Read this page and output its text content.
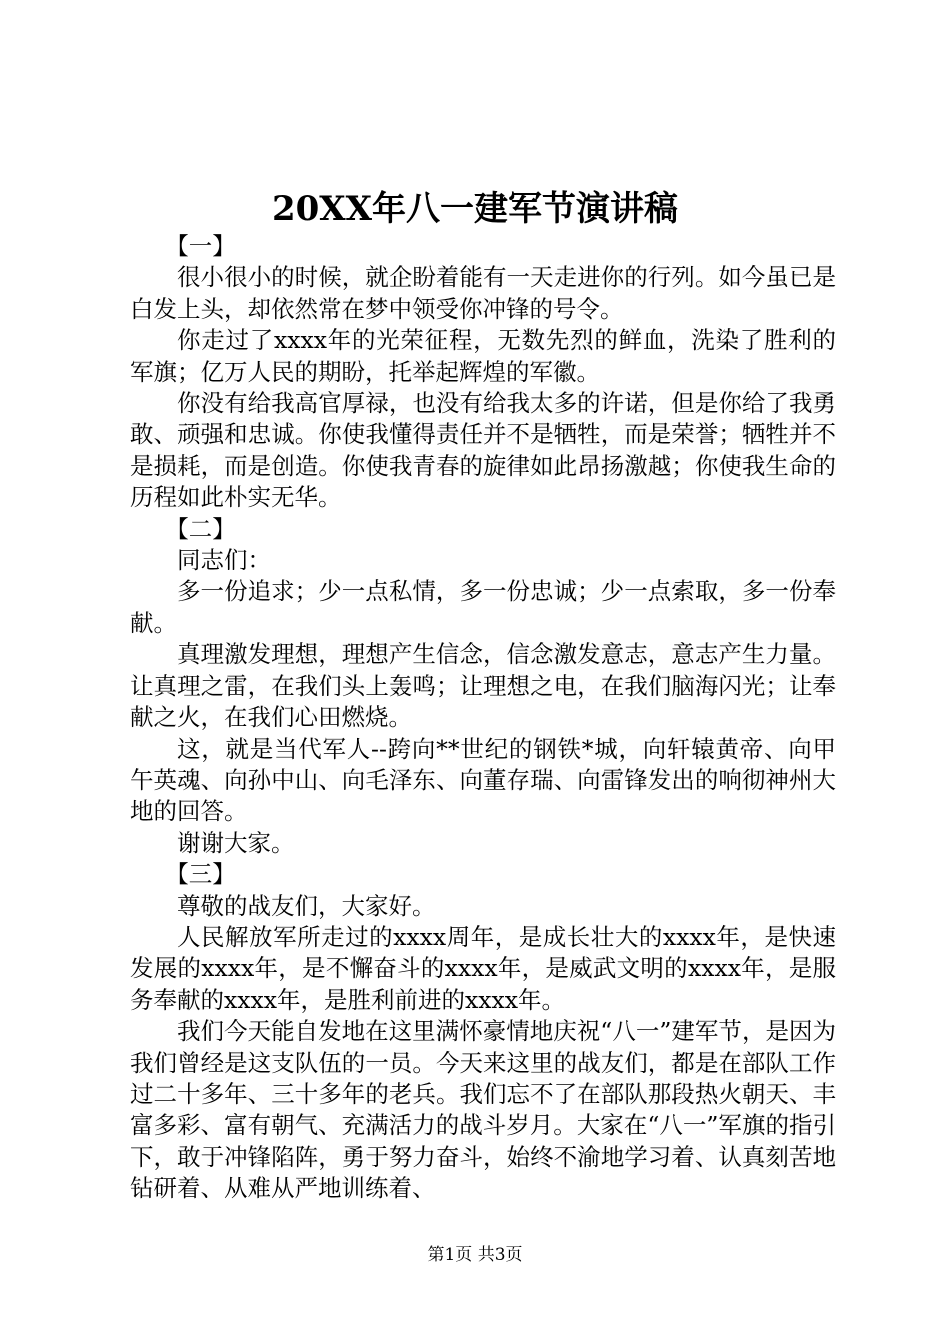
20XX年八一建军节演讲稿

【一】

很小很小的时候，就企盼着能有一天走进你的行列。如今虽已是白发上头，却依然常在梦中领受你冲锋的号令。

你走过了xxxx年的光荣征程，无数先烈的鲜血，洗染了胜利的军旗；亿万人民的期盼，托举起辉煌的军徽。

你没有给我高官厚禄，也没有给我太多的许诺，但是你给了我勇敢、顽强和忠诚。你使我懂得责任并不是牺牲，而是荣誉；牺牲并不是损耗，而是创造。你使我青春的旋律如此昂扬激越；你使我生命的历程如此朴实无华。

【二】

同志们：

多一份追求；少一点私情，多一份忠诚；少一点索取，多一份奉献。

真理激发理想，理想产生信念，信念激发意志，意志产生力量。让真理之雷，在我们头上轰鸣；让理想之电，在我们脑海闪光；让奉献之火，在我们心田燃烧。

这，就是当代军人--跨向**世纪的钢铁*城，向轩辕黄帝、向甲午英魂、向孙中山、向毛泽东、向董存瑞、向雷锋发出的响彻神州大地的回答。

谢谢大家。

【三】

尊敬的战友们，大家好。

人民解放军所走过的xxxx周年，是成长壮大的xxxx年，是快速发展的xxxx年，是不懈奋斗的xxxx年，是威武文明的xxxx年，是服务奉献的xxxx年，是胜利前进的xxxx年。

我们今天能自发地在这里满怀豪情地庆祝“八一”建军节，是因为我们曾经是这支队伍的一员。今天来这里的战友们，都是在部队工作过二十多年、三十多年的老兵。我们忘不了在部队那段热火朝天、丰富多彩、富有朝气、充满活力的战斗岁月。大家在“八一”军旗的指引下，敢于冲锋陷阵，勇于努力奋斗，始终不渝地学习着、认真刻苦地钻研着、从难从严地训练着、

第1页 共3页
